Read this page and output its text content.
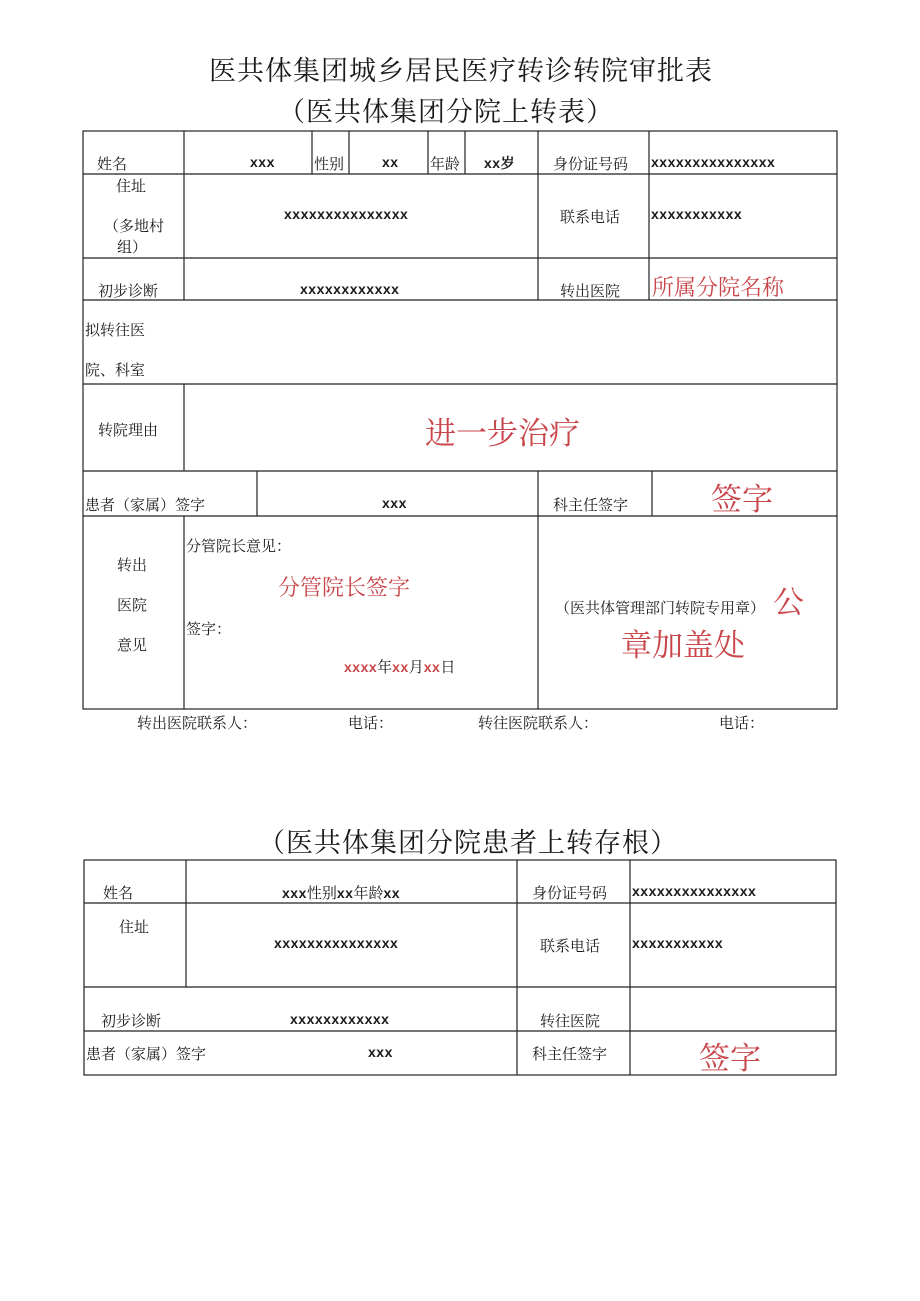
医共体集团城乡居民医疗转诊转院审批表
（医共体集团分院上转表）
姓名	xxx	性别	xx 年龄 xx岁	身份证号码 xxxxxxxxxxxxxxx
住址
（多地村
组）
xxxxxxxxxxxxxxx	联系电话 xxxxxxxxxxx
初步诊断	xxxxxxxxxxxx	转出医院 所属分院名称
拟转往医
院、科室
转院理由	进一步治疗
患者（家属）签字	xxx	科主任签字	签字
转出
医院
意见
分管院长意见：
分管院长签字
签字：
xxxx年xx月xx日
（医共体管理部门转院专用章） 公
章加盖处
转出医院联系人：	电话：	转往医院联系人：	电话：
（医共体集团分院患者上转存根）
姓名	xxx性别xx年龄xx	身份证号码 xxxxxxxxxxxxxxx
住址
xxxxxxxxxxxxxxx	联系电话 xxxxxxxxxxx
初步诊断	xxxxxxxxxxxx	转往医院
患者（家属）签字	xxx	科主任签字	签字
